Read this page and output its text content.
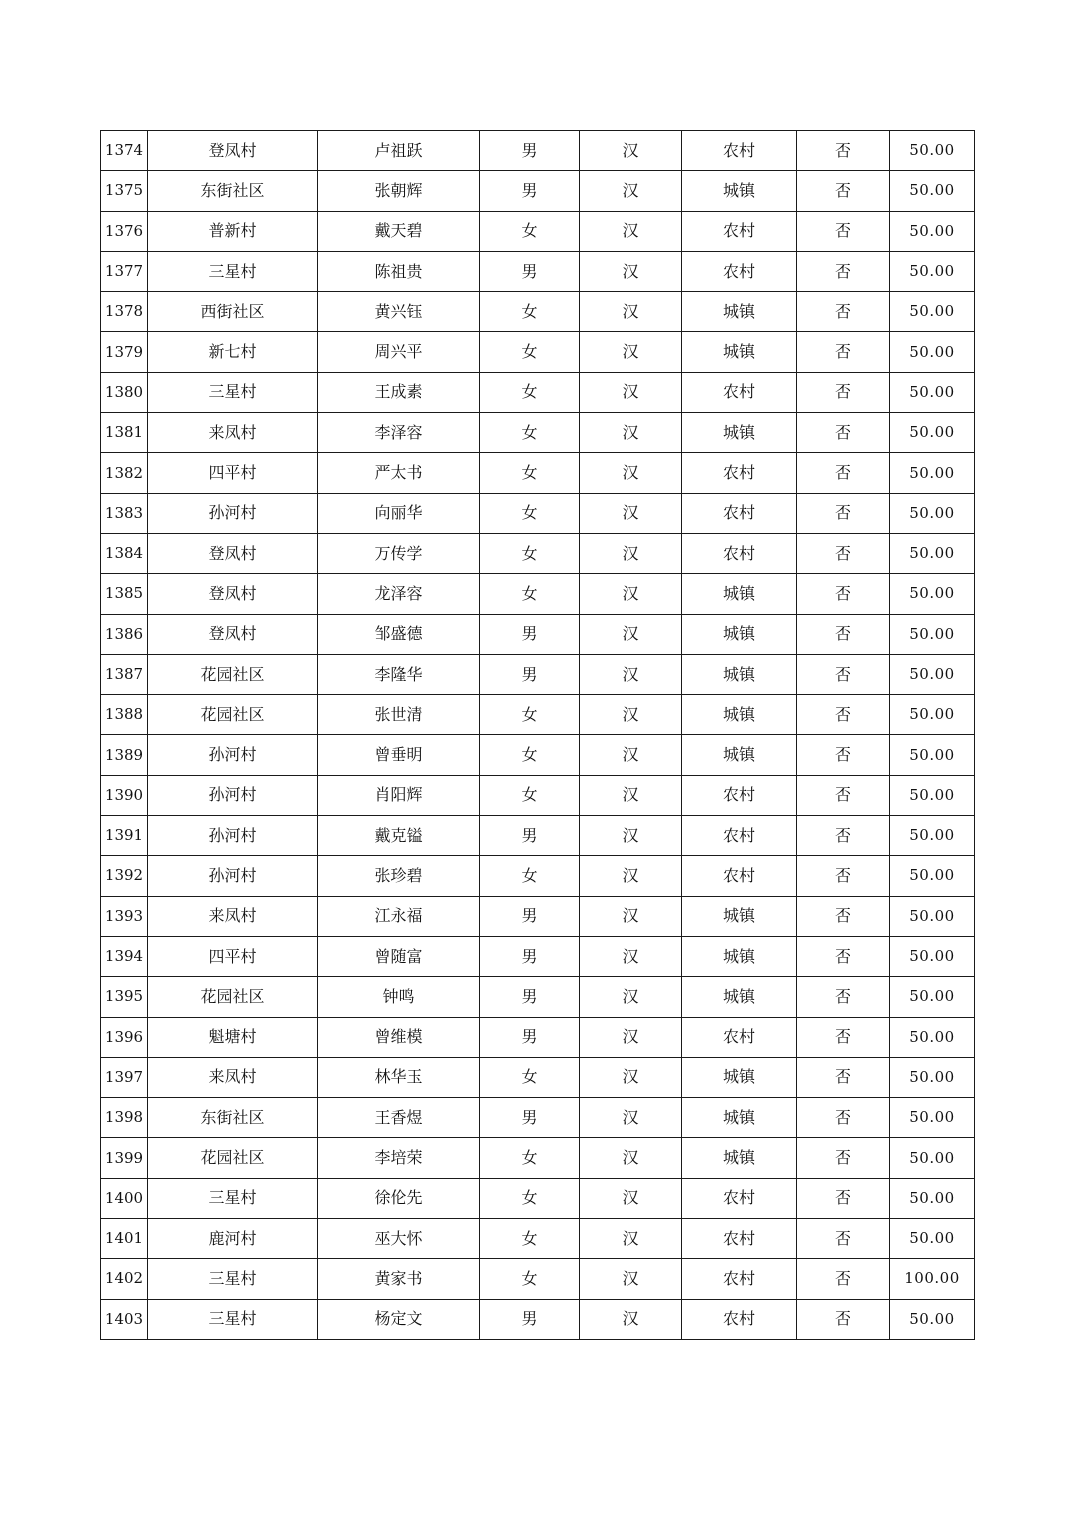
1374	登凤村	卢祖跃	男	汉	农村	否	50.00
1375	东街社区	张朝辉	男	汉	城镇	否	50.00
1376	普新村	戴天碧	女	汉	农村	否	50.00
1377	三星村	陈祖贵	男	汉	农村	否	50.00
1378	西街社区	黄兴钰	女	汉	城镇	否	50.00
1379	新七村	周兴平	女	汉	城镇	否	50.00
1380	三星村	王成素	女	汉	农村	否	50.00
1381	来凤村	李泽容	女	汉	城镇	否	50.00
1382	四平村	严太书	女	汉	农村	否	50.00
1383	孙河村	向丽华	女	汉	农村	否	50.00
1384	登凤村	万传学	女	汉	农村	否	50.00
1385	登凤村	龙泽容	女	汉	城镇	否	50.00
1386	登凤村	邹盛德	男	汉	城镇	否	50.00
1387	花园社区	李隆华	男	汉	城镇	否	50.00
1388	花园社区	张世清	女	汉	城镇	否	50.00
1389	孙河村	曾垂明	女	汉	城镇	否	50.00
1390	孙河村	肖阳辉	女	汉	农村	否	50.00
1391	孙河村	戴克镒	男	汉	农村	否	50.00
1392	孙河村	张珍碧	女	汉	农村	否	50.00
1393	来凤村	江永福	男	汉	城镇	否	50.00
1394	四平村	曾随富	男	汉	城镇	否	50.00
1395	花园社区	钟鸣	男	汉	城镇	否	50.00
1396	魁塘村	曾维模	男	汉	农村	否	50.00
1397	来凤村	林华玉	女	汉	城镇	否	50.00
1398	东街社区	王香煜	男	汉	城镇	否	50.00
1399	花园社区	李培荣	女	汉	城镇	否	50.00
1400	三星村	徐伦先	女	汉	农村	否	50.00
1401	鹿河村	巫大怀	女	汉	农村	否	50.00
1402	三星村	黄家书	女	汉	农村	否	100.00
1403	三星村	杨定文	男	汉	农村	否	50.00
